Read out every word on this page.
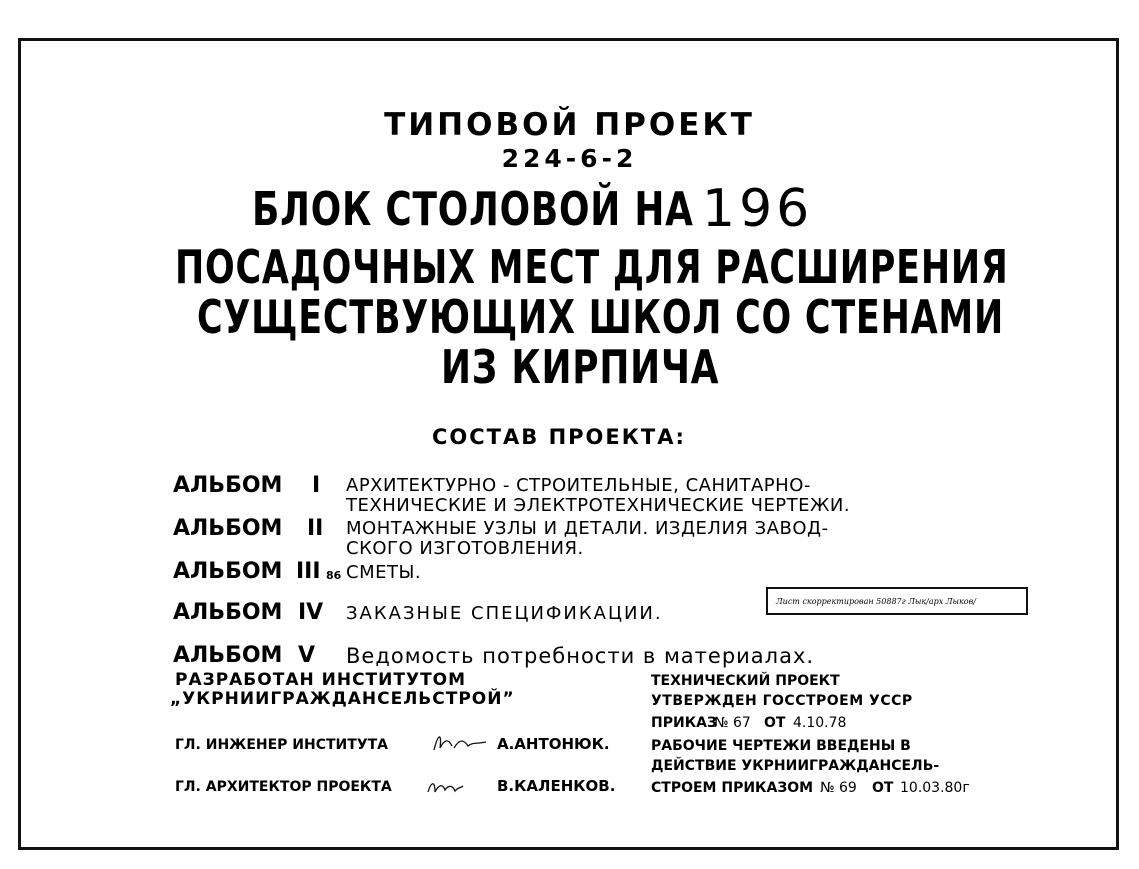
ТИПОВОЙ ПРОЕКТ
224-6-2
БЛОК СТОЛОВОЙ НА 196
ПОСАДОЧНЫХ МЕСТ ДЛЯ РАСШИРЕНИЯ
СУЩЕСТВУЮЩИХ ШКОЛ СО СТЕНАМИ
ИЗ КИРПИЧА
СОСТАВ ПРОЕКТА:
АЛЬБОМ I АРХИТЕКТУРНО - СТРОИТЕЛЬНЫЕ, САНИТАРНО-
ТЕХНИЧЕСКИЕ И ЭЛЕКТРОТЕХНИЧЕСКИЕ ЧЕРТЕЖИ.
АЛЬБОМ II МОНТАЖНЫЕ УЗЛЫ И ДЕТАЛИ. ИЗДЕЛИЯ ЗАВОД-
СКОГО ИЗГОТОВЛЕНИЯ.
АЛЬБОМ III 86 СМЕТЫ.
АЛЬБОМ IV ЗАКАЗНЫЕ СПЕЦИФИКАЦИИ.
Лист скорректирован 50887г Лык/арх Лыков/
АЛЬБОМ V Ведомость потребности в материалах.
РАЗРАБОТАН ИНСТИТУТОМ
„УКРНИИГРАЖДАНСЕЛЬСТРОЙ”
ГЛ. ИНЖЕНЕР ИНСТИТУТА	А.АНТОНЮК.
ГЛ. АРХИТЕКТОР ПРОЕКТА	В.КАЛЕНКОВ.
ТЕХНИЧЕСКИЙ ПРОЕКТ
УТВЕРЖДЕН ГОССТРОЕМ УССР
ПРИКАЗ
№ 67 ОТ 4.10.78
РАБОЧИЕ ЧЕРТЕЖИ ВВЕДЕНЫ В
ДЕЙСТВИЕ УКРНИИГРАЖДАНСЕЛЬ-
СТРОЕМ ПРИКАЗОМ № 69 ОТ 10.03.80г
